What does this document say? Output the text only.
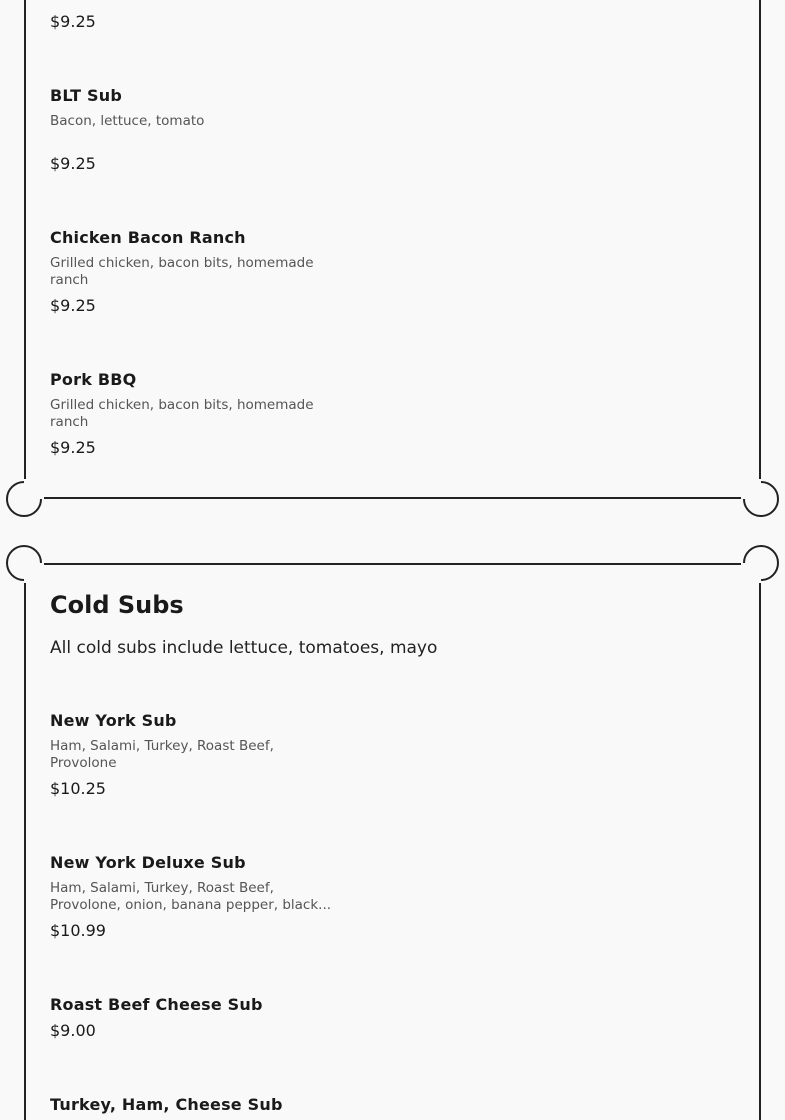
$9.25
BLT Sub
Bacon, lettuce, tomato
$9.25
Chicken Bacon Ranch
Grilled chicken, bacon bits, homemade ranch
$9.25
Pork BBQ
Grilled chicken, bacon bits, homemade ranch
$9.25
Cold Subs
All cold subs include lettuce, tomatoes, mayo
New York Sub
Ham, Salami, Turkey, Roast Beef, Provolone
$10.25
New York Deluxe Sub
Ham, Salami, Turkey, Roast Beef, Provolone, onion, banana pepper, black...
$10.99
Roast Beef Cheese Sub
$9.00
Turkey, Ham, Cheese Sub
